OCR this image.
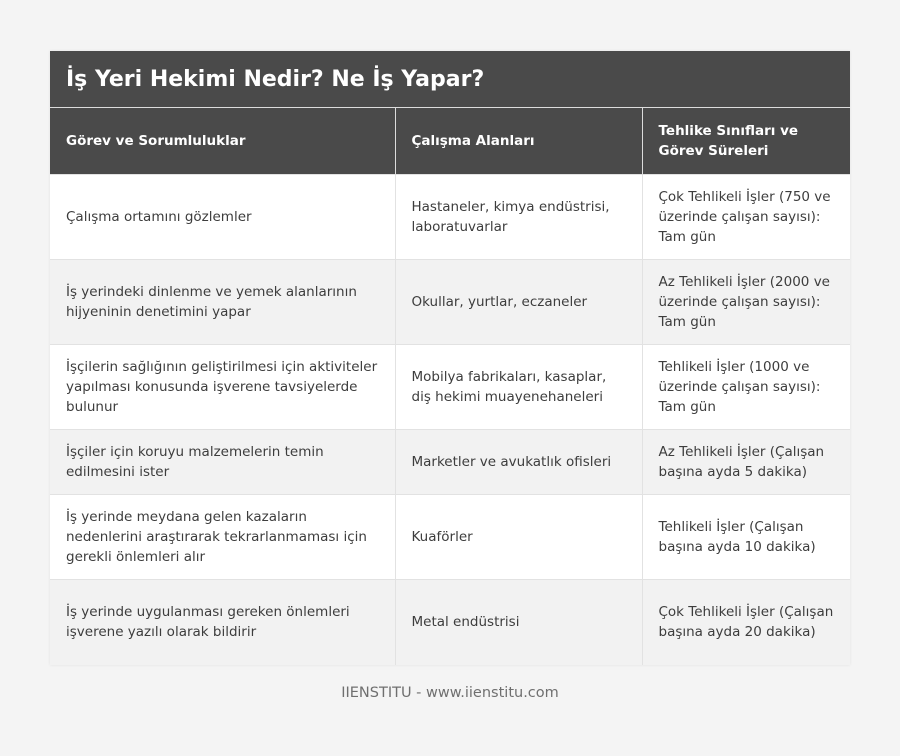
İş Yeri Hekimi Nedir? Ne İş Yapar?
Görev ve Sorumluluklar	Çalışma Alanları	Tehlike Sınıfları ve Görev Süreleri
Çalışma ortamını gözlemler	Hastaneler, kimya endüstrisi, laboratuvarlar	Çok Tehlikeli İşler (750 ve üzerinde çalışan sayısı): Tam gün
İş yerindeki dinlenme ve yemek alanlarının hijyeninin denetimini yapar	Okullar, yurtlar, eczaneler	Az Tehlikeli İşler (2000 ve üzerinde çalışan sayısı): Tam gün
İşçilerin sağlığının geliştirilmesi için aktiviteler yapılması konusunda işverene tavsiyelerde bulunur	Mobilya fabrikaları, kasaplar, diş hekimi muayenehaneleri	Tehlikeli İşler (1000 ve üzerinde çalışan sayısı): Tam gün
İşçiler için koruyu malzemelerin temin edilmesini ister	Marketler ve avukatlık ofisleri	Az Tehlikeli İşler (Çalışan başına ayda 5 dakika)
İş yerinde meydana gelen kazaların nedenlerini araştırarak tekrarlanmaması için gerekli önlemleri alır	Kuaförler	Tehlikeli İşler (Çalışan başına ayda 10 dakika)
İş yerinde uygulanması gereken önlemleri işverene yazılı olarak bildirir	Metal endüstrisi	Çok Tehlikeli İşler (Çalışan başına ayda 20 dakika)
IIENSTITU - www.iienstitu.com
